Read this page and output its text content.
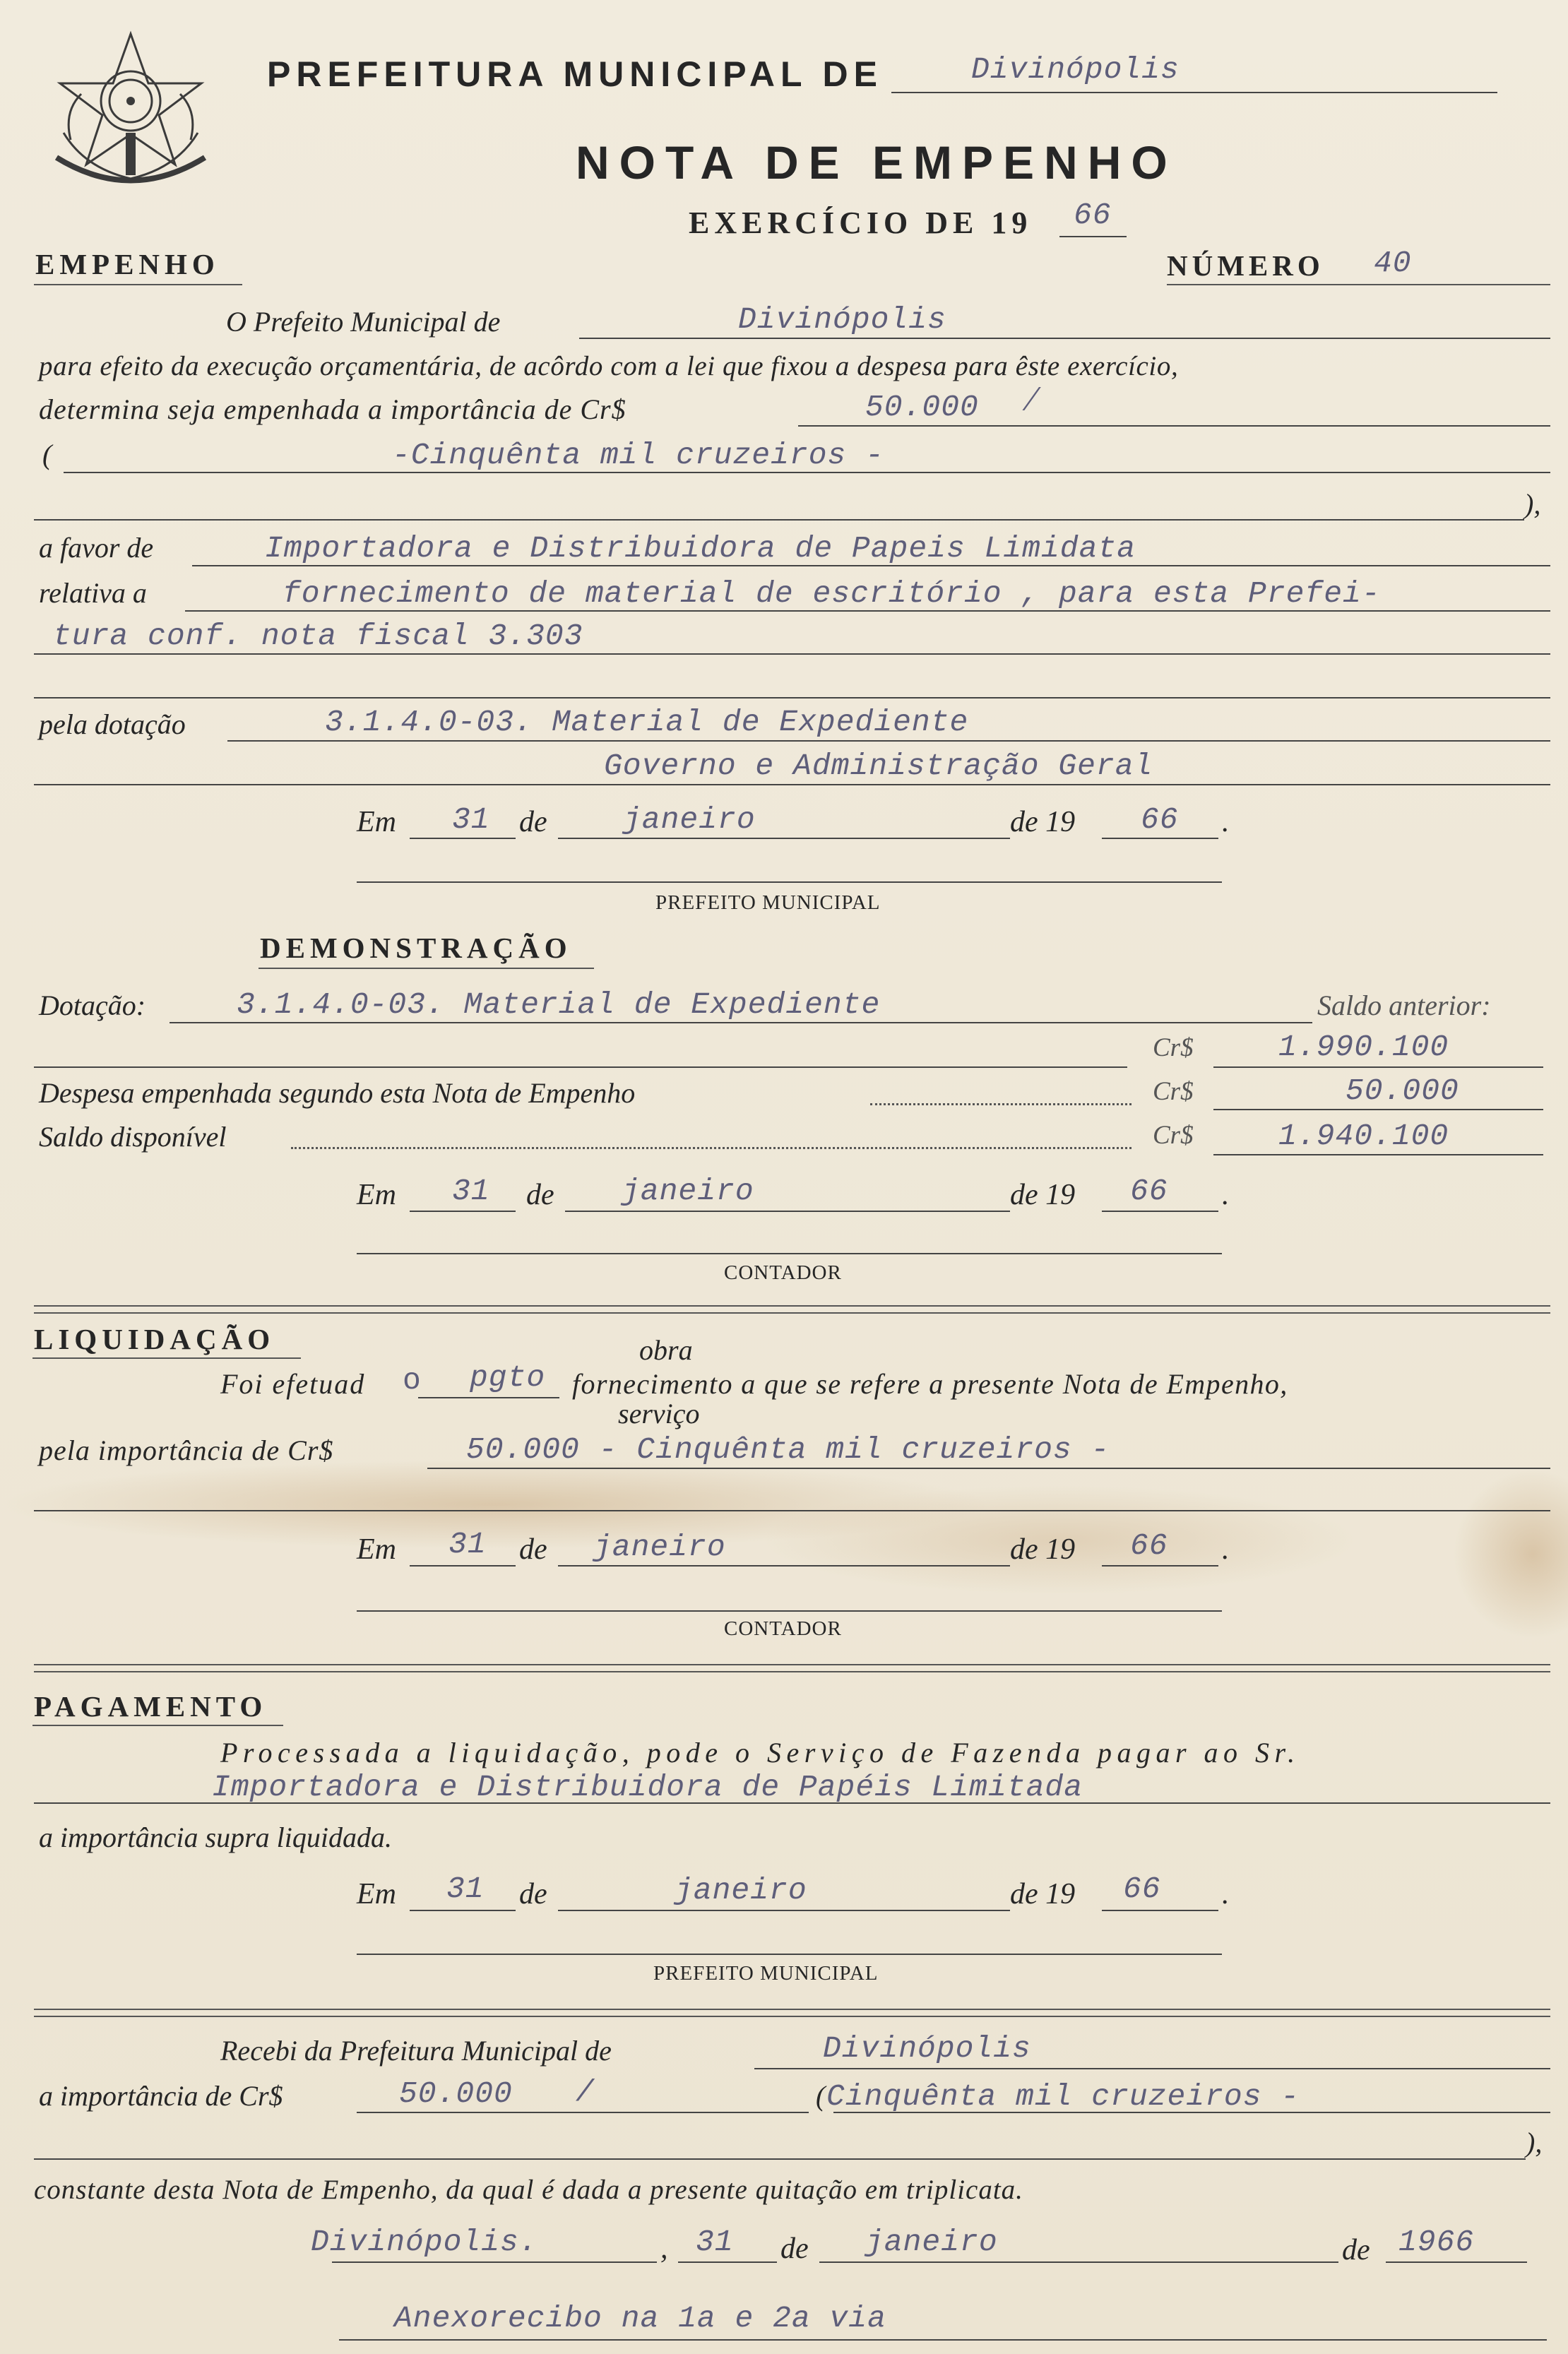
PREFEITURA MUNICIPAL DE	Divinópolis
NOTA DE EMPENHO
EXERCÍCIO DE 19 66
EMPENHO	NÚMERO 40
O Prefeito Municipal de	Divinópolis
para efeito da execução orçamentária, de acôrdo com a lei que fixou a despesa para êste exercício,
determina seja empenhada a importância de Cr$	50.000 ⁄
(	-Cinquênta mil cruzeiros -
),
a favor de	Importadora e Distribuidora de Papeis Limidata
relativa a	fornecimento de material de escritório , para esta Prefei-
tura conf. nota fiscal 3.303
pela dotação	3.1.4.0-03. Material de Expediente
Governo e Administração Geral
Em 31 de janeiro	de 19 66 .
PREFEITO MUNICIPAL
DEMONSTRAÇÃO
Dotação:	3.1.4.0-03. Material de Expediente	Saldo anterior:
Cr$	1.990.100
Despesa empenhada segundo esta Nota de Empenho	Cr$	50.000
Saldo disponível	Cr$	1.940.100
Em 31 de janeiro	de 19 66 .
CONTADOR
LIQUIDAÇÃO	obra
Foi efetuad o pgto fornecimento a que se refere a presente Nota de Empenho,
serviço
pela importância de Cr$	50.000 - Cinquênta mil cruzeiros -
Em 31 de janeiro	de 19 66 .
CONTADOR
PAGAMENTO
Processada a liquidação, pode o Serviço de Fazenda pagar ao Sr.
Importadora e Distribuidora de Papéis Limitada
a importância supra liquidada.
Em 31 de	janeiro	de 19 66 .
PREFEITO MUNICIPAL
Recebi da Prefeitura Municipal de	Divinópolis
a importância de Cr$	50.000 /	( Cinquênta mil cruzeiros -
),
constante desta Nota de Empenho, da qual é dada a presente quitação em triplicata.
Divinópolis.	, 31 de janeiro	de 1966
Anexorecibo na 1a e 2a via
